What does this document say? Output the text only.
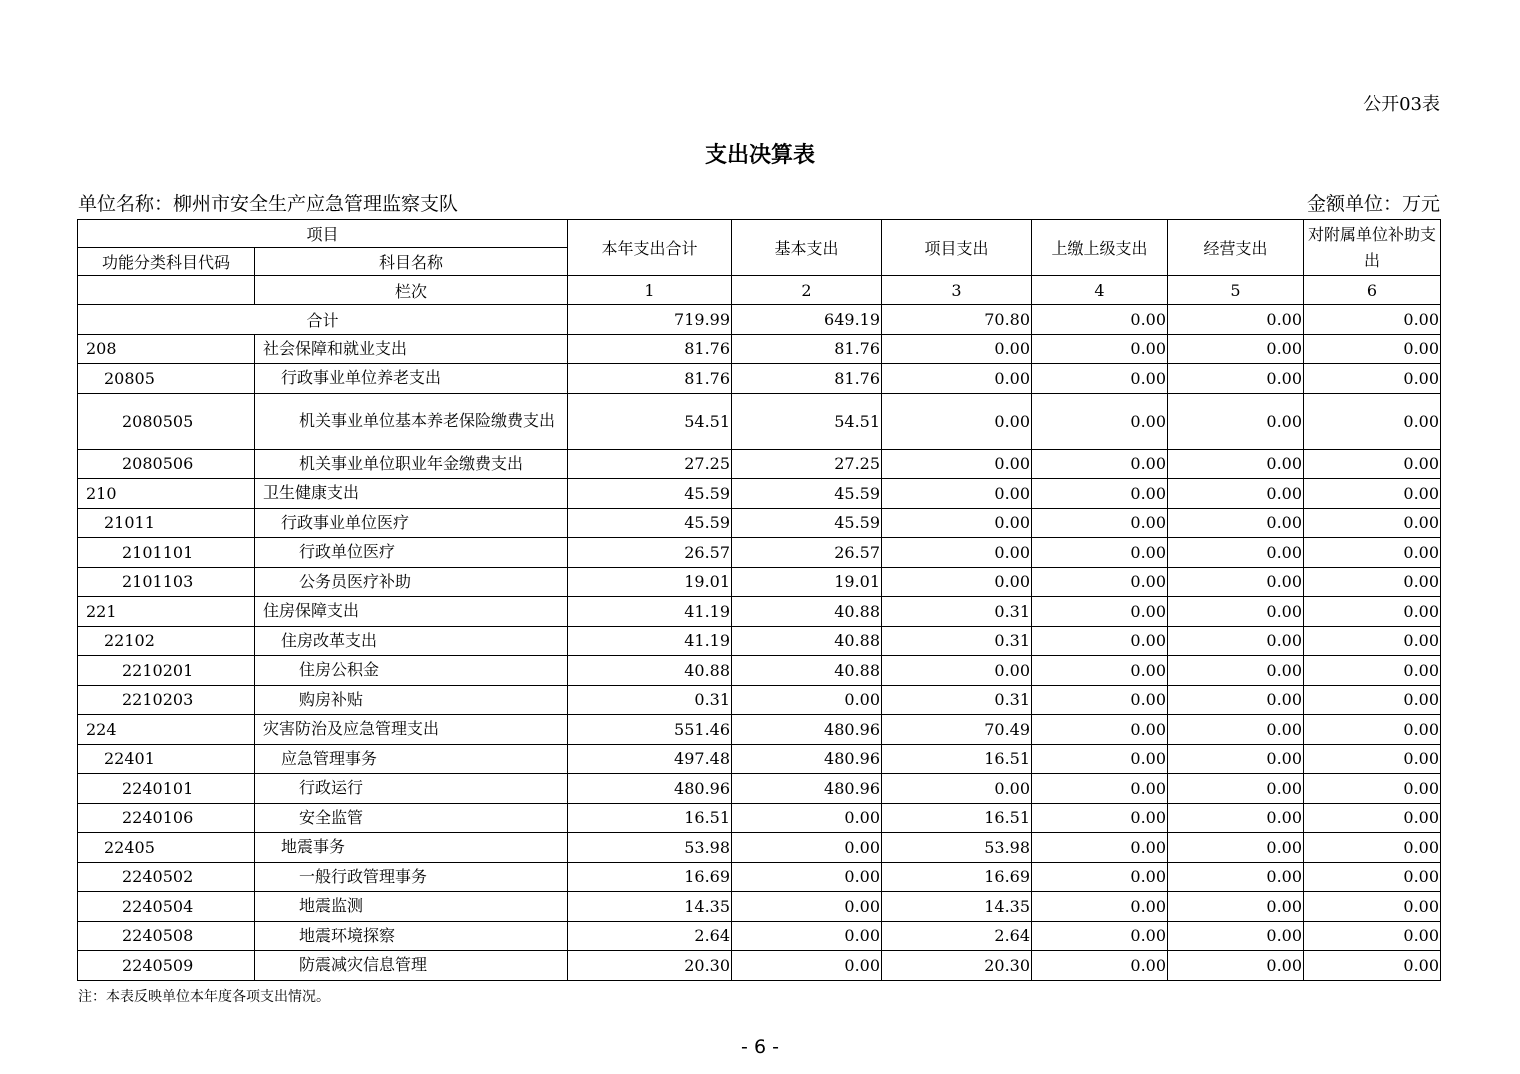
公开03表
支出决算表
单位名称：柳州市安全生产应急管理监察支队	金额单位：万元
项目		本年支出合计	基本支出	项目支出	上缴上级支出	经营支出	对附属单位补助支出
功能分类科目代码	科目名称						
	栏次	1	2	3	4	5	6
合计		719.99	649.19	70.80	0.00	0.00	0.00
208	社会保障和就业支出	81.76	81.76	0.00	0.00	0.00	0.00
20805	行政事业单位养老支出	81.76	81.76	0.00	0.00	0.00	0.00
2080505	机关事业单位基本养老保险缴费支出	54.51	54.51	0.00	0.00	0.00	0.00
2080506	机关事业单位职业年金缴费支出	27.25	27.25	0.00	0.00	0.00	0.00
210	卫生健康支出	45.59	45.59	0.00	0.00	0.00	0.00
21011	行政事业单位医疗	45.59	45.59	0.00	0.00	0.00	0.00
2101101	行政单位医疗	26.57	26.57	0.00	0.00	0.00	0.00
2101103	公务员医疗补助	19.01	19.01	0.00	0.00	0.00	0.00
221	住房保障支出	41.19	40.88	0.31	0.00	0.00	0.00
22102	住房改革支出	41.19	40.88	0.31	0.00	0.00	0.00
2210201	住房公积金	40.88	40.88	0.00	0.00	0.00	0.00
2210203	购房补贴	0.31	0.00	0.31	0.00	0.00	0.00
224	灾害防治及应急管理支出	551.46	480.96	70.49	0.00	0.00	0.00
22401	应急管理事务	497.48	480.96	16.51	0.00	0.00	0.00
2240101	行政运行	480.96	480.96	0.00	0.00	0.00	0.00
2240106	安全监管	16.51	0.00	16.51	0.00	0.00	0.00
22405	地震事务	53.98	0.00	53.98	0.00	0.00	0.00
2240502	一般行政管理事务	16.69	0.00	16.69	0.00	0.00	0.00
2240504	地震监测	14.35	0.00	14.35	0.00	0.00	0.00
2240508	地震环境探察	2.64	0.00	2.64	0.00	0.00	0.00
2240509	防震减灾信息管理	20.30	0.00	20.30	0.00	0.00	0.00
注：本表反映单位本年度各项支出情况。
- 6 -
